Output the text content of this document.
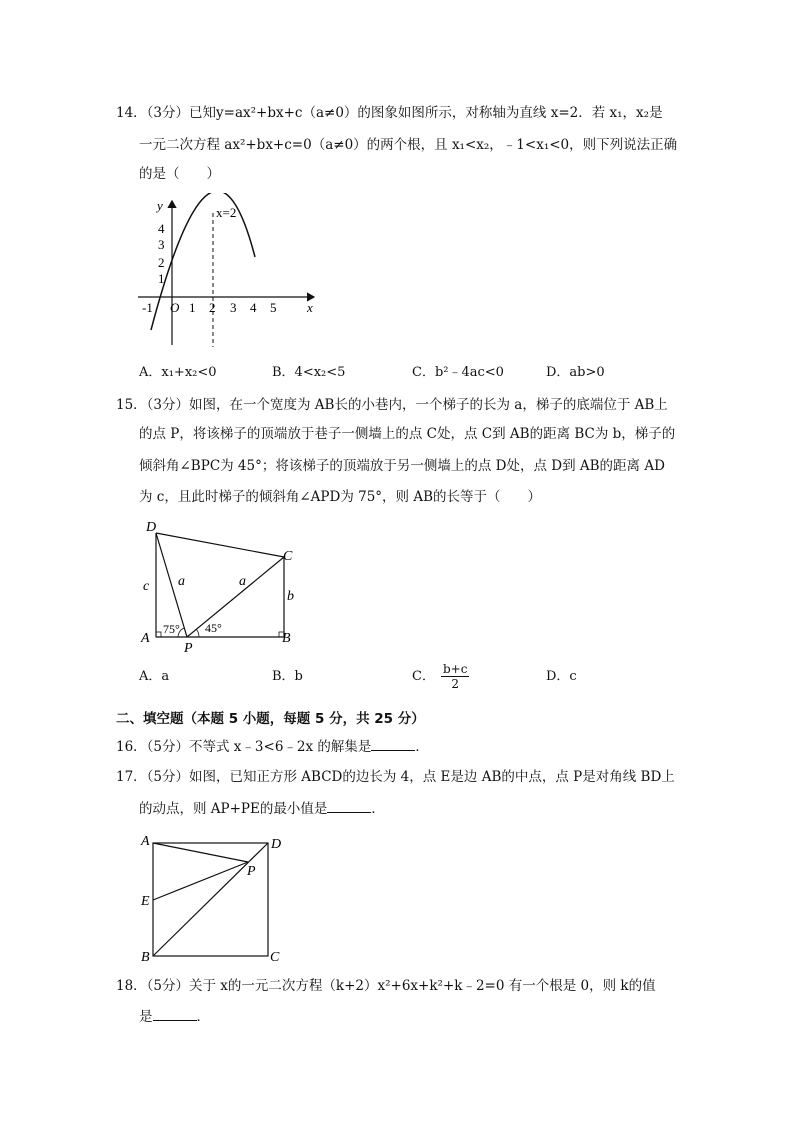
14．（3分）已知y=ax²+bx+c（a≠0）的图象如图所示，对称轴为直线 x=2．若 x₁，x₂是
一元二次方程 ax²+bx+c=0（a≠0）的两个根，且 x₁<x₂，﹣1<x₁<0，则下列说法正确
的是（　　）
y
x
O
x=2
4
3
2
1
-1	1 2 3 4 5
A．x₁+x₂<0	B．4<x₂<5	C．b²﹣4ac<0	D．ab>0
15．（3分）如图，在一个宽度为 AB长的小巷内，一个梯子的长为 a，梯子的底端位于 AB上
的点 P，将该梯子的顶端放于巷子一侧墙上的点 C处，点 C到 AB的距离 BC为 b，梯子的
倾斜角∠BPC为 45°；将该梯子的顶端放于另一侧墙上的点 D处，点 D到 AB的距离 AD
为 c，且此时梯子的倾斜角∠APD为 75°，则 AB的长等于（　　）
D
C
A	B
P
c
b
a	a
75° 45°
A．a	B．b	C． $\frac{b+c}{2}$	D．c
二、填空题（本题 5 小题，每题 5 分，共 25 分）
16．（5分）不等式 x﹣3<6﹣2x 的解集是	．
17．（5分）如图，已知正方形 ABCD的边长为 4，点 E是边 AB的中点，点 P是对角线 BD上
的动点，则 AP+PE的最小值是	．
A	D
E
P
B	C
18．（5分）关于 x的一元二次方程（k+2）x²+6x+k²+k﹣2=0 有一个根是 0，则 k的值
是	．
